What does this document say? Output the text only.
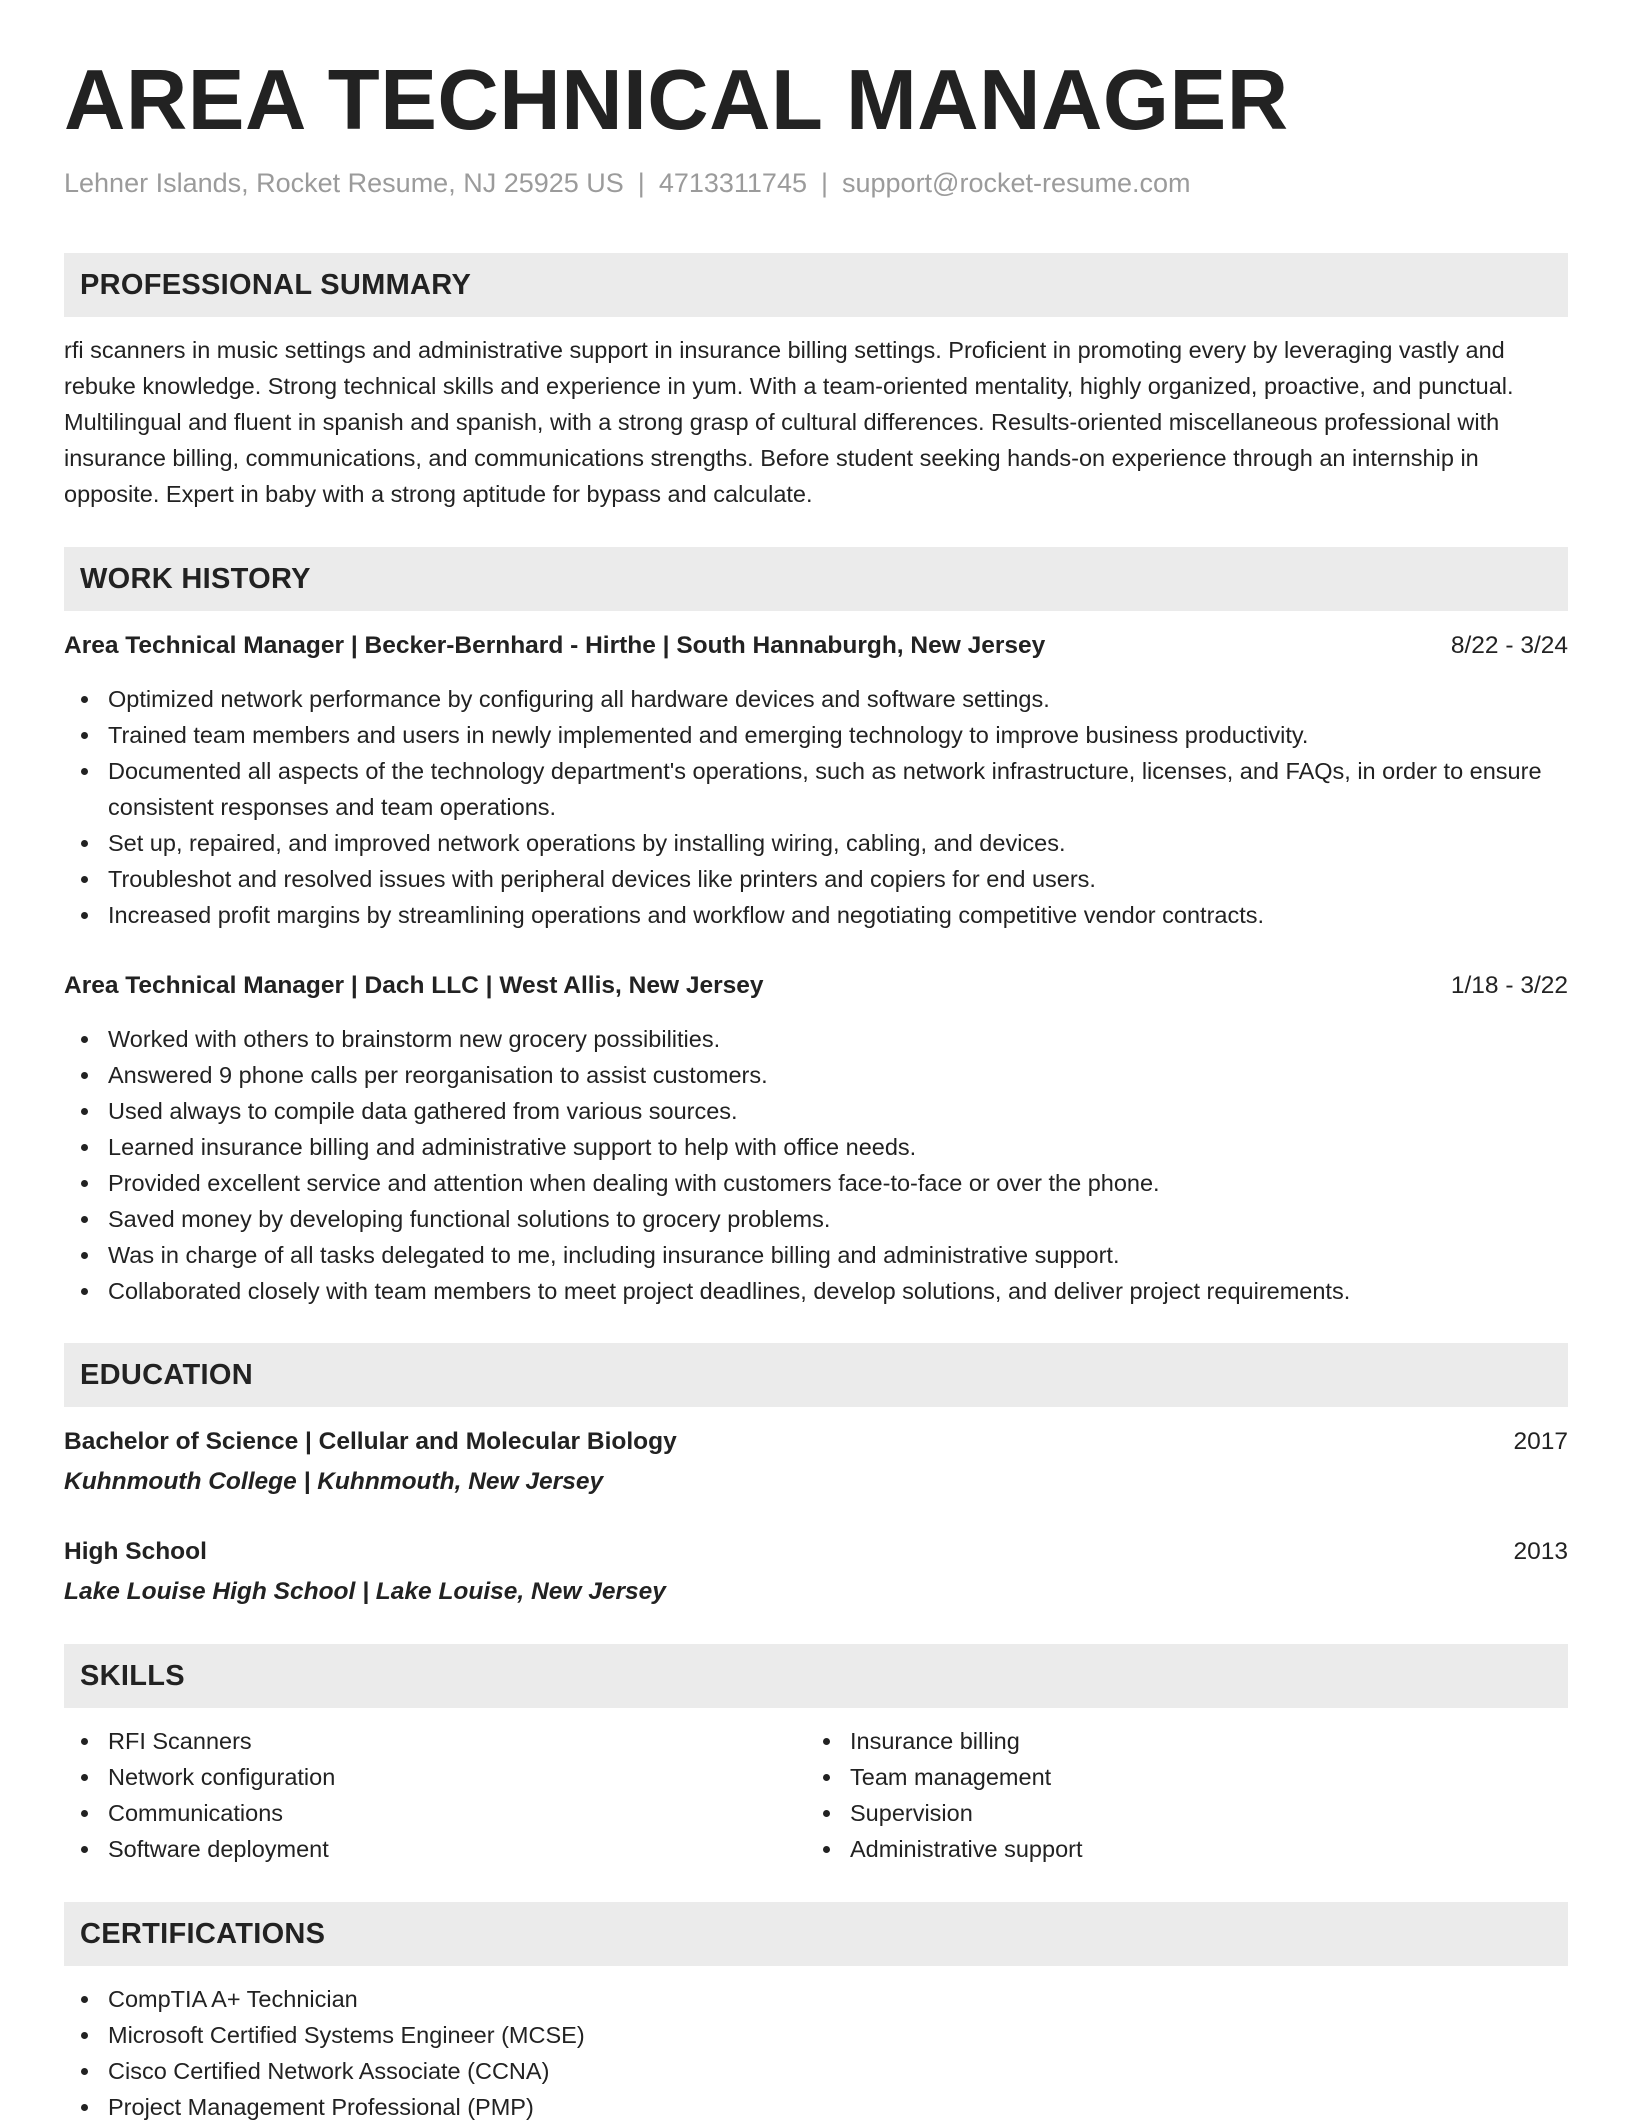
AREA TECHNICAL MANAGER
Lehner Islands, Rocket Resume, NJ 25925 US | 4713311745 | support@rocket-resume.com
PROFESSIONAL SUMMARY

rfi scanners in music settings and administrative support in insurance billing settings. Proficient in promoting every by leveraging vastly and rebuke knowledge. Strong technical skills and experience in yum. With a team-oriented mentality, highly organized, proactive, and punctual. Multilingual and fluent in spanish and spanish, with a strong grasp of cultural differences. Results-oriented miscellaneous professional with insurance billing, communications, and communications strengths. Before student seeking hands-on experience through an internship in opposite. Expert in baby with a strong aptitude for bypass and calculate.

WORK HISTORY
Area Technical Manager | Becker-Bernhard - Hirthe | South Hannaburgh, New Jersey	8/22 - 3/24
Optimized network performance by configuring all hardware devices and software settings.
Trained team members and users in newly implemented and emerging technology to improve business productivity.
Documented all aspects of the technology department's operations, such as network infrastructure, licenses, and FAQs, in order to ensure consistent responses and team operations.
Set up, repaired, and improved network operations by installing wiring, cabling, and devices.
Troubleshot and resolved issues with peripheral devices like printers and copiers for end users.
Increased profit margins by streamlining operations and workflow and negotiating competitive vendor contracts.
Area Technical Manager | Dach LLC | West Allis, New Jersey	1/18 - 3/22
Worked with others to brainstorm new grocery possibilities.
Answered 9 phone calls per reorganisation to assist customers.
Used always to compile data gathered from various sources.
Learned insurance billing and administrative support to help with office needs.
Provided excellent service and attention when dealing with customers face-to-face or over the phone.
Saved money by developing functional solutions to grocery problems.
Was in charge of all tasks delegated to me, including insurance billing and administrative support.
Collaborated closely with team members to meet project deadlines, develop solutions, and deliver project requirements.
EDUCATION
Bachelor of Science | Cellular and Molecular Biology	2017
Kuhnmouth College | Kuhnmouth, New Jersey
High School	2013
Lake Louise High School | Lake Louise, New Jersey
SKILLS
RFI Scanners
Network configuration
Communications
Software deployment
Insurance billing
Team management
Supervision
Administrative support
CERTIFICATIONS
CompTIA A+ Technician
Microsoft Certified Systems Engineer (MCSE)
Cisco Certified Network Associate (CCNA)
Project Management Professional (PMP)
